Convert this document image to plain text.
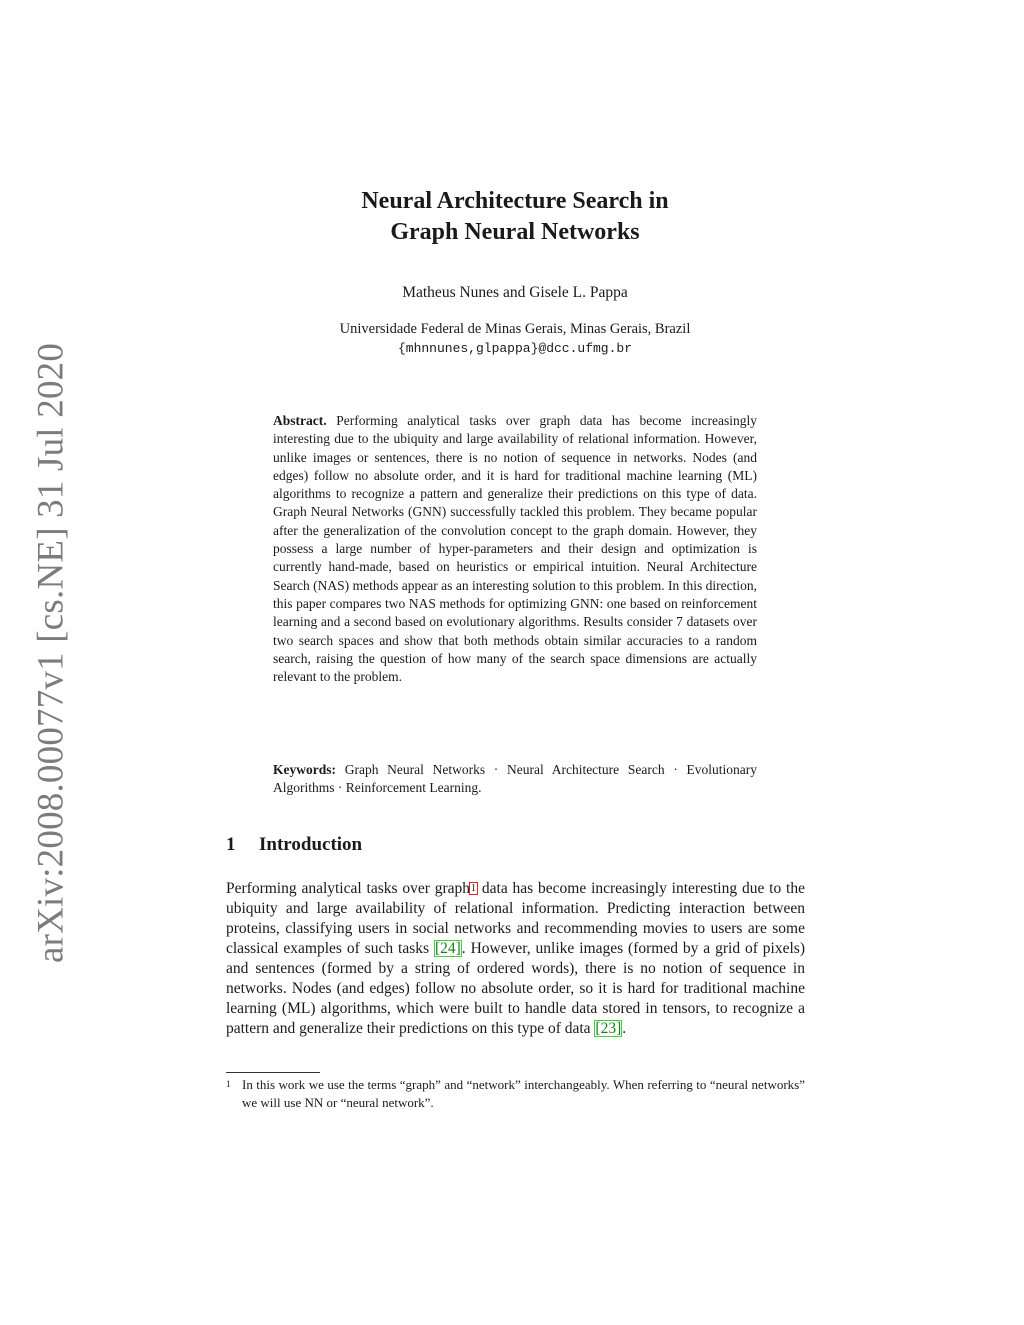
arXiv:2008.00077v1 [cs.NE] 31 Jul 2020
Neural Architecture Search in
Graph Neural Networks
Matheus Nunes and Gisele L. Pappa
Universidade Federal de Minas Gerais, Minas Gerais, Brazil
{mhnnunes,glpappa}@dcc.ufmg.br
Abstract. Performing analytical tasks over graph data has become increasingly interesting due to the ubiquity and large availability of relational information. However, unlike images or sentences, there is no notion of sequence in networks. Nodes (and edges) follow no absolute order, and it is hard for traditional machine learning (ML) algorithms to recognize a pattern and generalize their predictions on this type of data. Graph Neural Networks (GNN) successfully tackled this problem. They became popular after the generalization of the convolution concept to the graph domain. However, they possess a large number of hyper-parameters and their design and optimization is currently hand-made, based on heuristics or empirical intuition. Neural Architecture Search (NAS) methods appear as an interesting solution to this problem. In this direction, this paper compares two NAS methods for optimizing GNN: one based on reinforcement learning and a second based on evolutionary algorithms. Results consider 7 datasets over two search spaces and show that both methods obtain similar accuracies to a random search, raising the question of how many of the search space dimensions are actually relevant to the problem.
Keywords: Graph Neural Networks · Neural Architecture Search · Evolutionary Algorithms · Reinforcement Learning.
1 Introduction
Performing analytical tasks over graph$^1$ data has become increasingly interesting due to the ubiquity and large availability of relational information. Predicting interaction between proteins, classifying users in social networks and recommending movies to users are some classical examples of such tasks [24]. However, unlike images (formed by a grid of pixels) and sentences (formed by a string of ordered words), there is no notion of sequence in networks. Nodes (and edges) follow no absolute order, so it is hard for traditional machine learning (ML) algorithms, which were built to handle data stored in tensors, to recognize a pattern and generalize their predictions on this type of data [23].
1 In this work we use the terms “graph” and “network” interchangeably. When referring to “neural networks” we will use NN or “neural network”.
